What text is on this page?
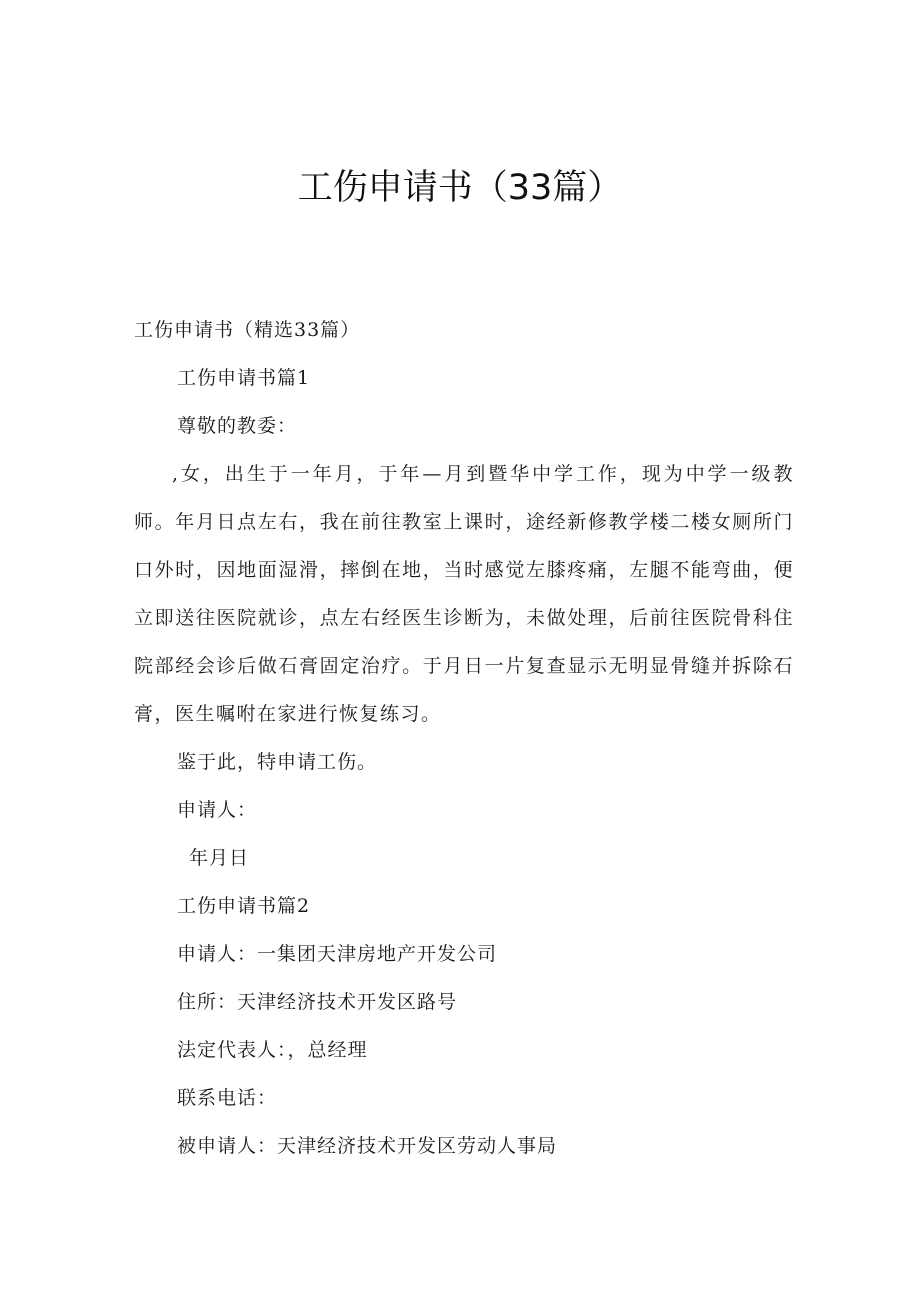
工伤申请书（33篇）

工伤申请书（精选33篇）

工伤申请书篇1

尊敬的教委：

,女，出生于一年月，于年—月到暨华中学工作，现为中学一级教师。年月日点左右，我在前往教室上课时，途经新修教学楼二楼女厕所门口外时，因地面湿滑，摔倒在地，当时感觉左膝疼痛，左腿不能弯曲，便立即送往医院就诊，点左右经医生诊断为，未做处理，后前往医院骨科住院部经会诊后做石膏固定治疗。于月日一片复查显示无明显骨缝并拆除石膏，医生嘱咐在家进行恢复练习。

鉴于此，特申请工伤。

申请人：

年月日

工伤申请书篇2

申请人：一集团天津房地产开发公司

住所：天津经济技术开发区路号

法定代表人：，总经理

联系电话：

被申请人：天津经济技术开发区劳动人事局
